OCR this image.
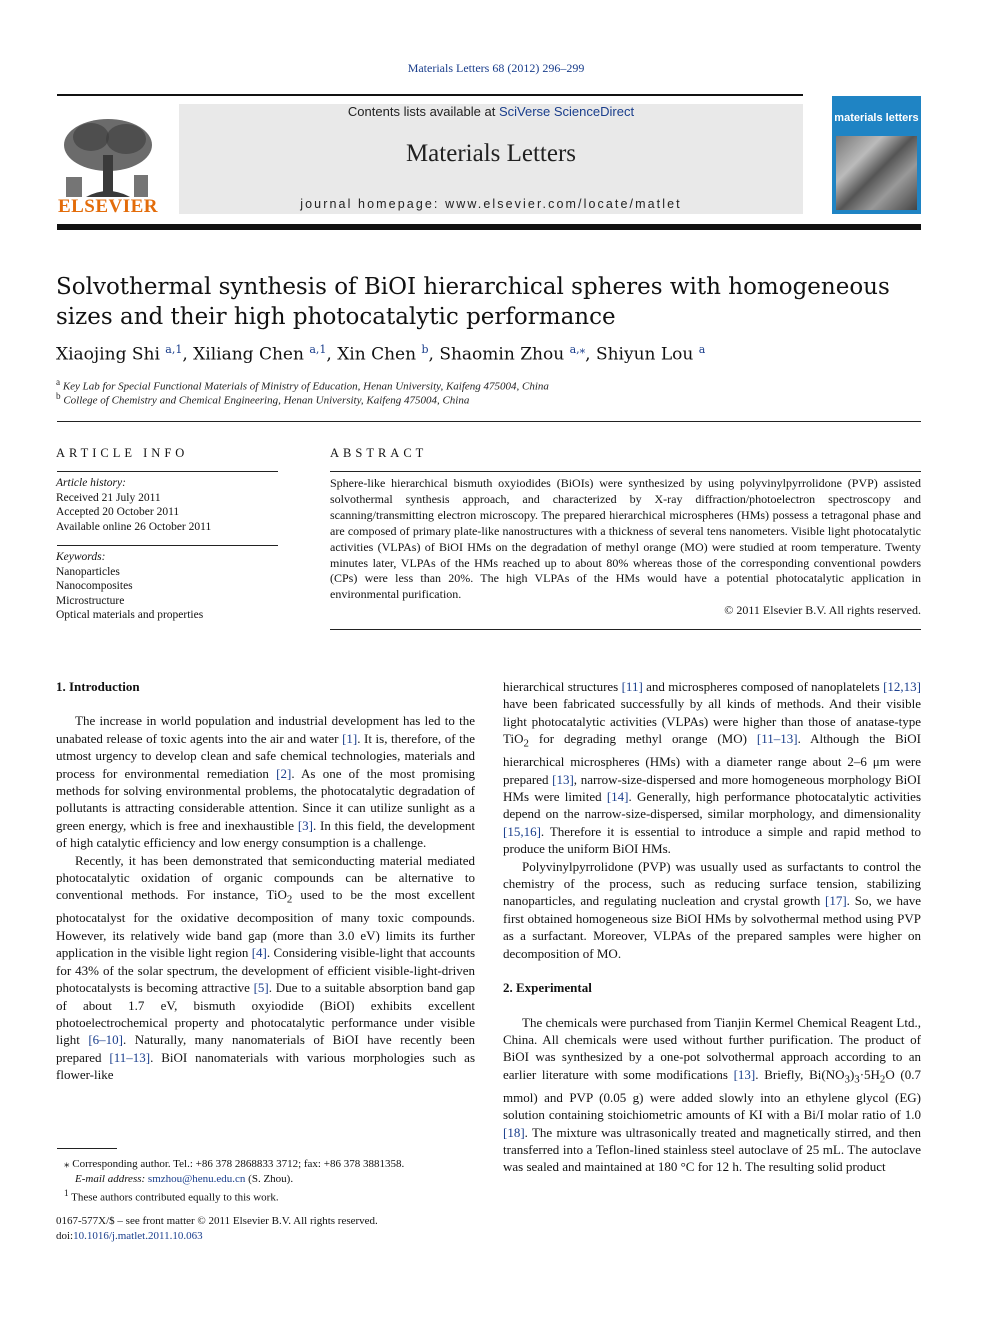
Materials Letters 68 (2012) 296–299
ELSEVIER
Contents lists available at SciVerse ScienceDirect
Materials Letters
journal homepage: www.elsevier.com/locate/matlet
materials letters
Solvothermal synthesis of BiOI hierarchical spheres with homogeneous sizes and their high photocatalytic performance
Xiaojing Shi $^{a,1}$, Xiliang Chen $^{a,1}$, Xin Chen $^b$, Shaomin Zhou $^{a,⁎}$, Shiyun Lou $^a$
$^a$ Key Lab for Special Functional Materials of Ministry of Education, Henan University, Kaifeng 475004, China
$^b$ College of Chemistry and Chemical Engineering, Henan University, Kaifeng 475004, China
ARTICLE INFO
Article history:
Received 21 July 2011
Accepted 20 October 2011
Available online 26 October 2011
Keywords:
Nanoparticles
Nanocomposites
Microstructure
Optical materials and properties
ABSTRACT
Sphere-like hierarchical bismuth oxyiodides (BiOIs) were synthesized by using polyvinylpyrrolidone (PVP) assisted solvothermal synthesis approach, and characterized by X-ray diffraction/photoelectron spectroscopy and scanning/transmitting electron microscopy. The prepared hierarchical microspheres (HMs) possess a tetragonal phase and are composed of primary plate-like nanostructures with a thickness of several tens nanometers. Visible light photocatalytic activities (VLPAs) of BiOI HMs on the degradation of methyl orange (MO) were studied at room temperature. Twenty minutes later, VLPAs of the HMs reached up to about 80% whereas those of the corresponding conventional powders (CPs) were less than 20%. The high VLPAs of the HMs would have a potential photocatalytic application in environmental purification.
© 2011 Elsevier B.V. All rights reserved.
1. Introduction

The increase in world population and industrial development has led to the unabated release of toxic agents into the air and water [1]. It is, therefore, of the utmost urgency to develop clean and safe chemical technologies, materials and process for environmental remediation [2]. As one of the most promising methods for solving environmental problems, the photocatalytic degradation of pollutants is attracting considerable attention. Since it can utilize sunlight as a green energy, which is free and inexhaustible [3]. In this field, the development of high catalytic efficiency and low energy consumption is a challenge.

Recently, it has been demonstrated that semiconducting material mediated photocatalytic oxidation of organic compounds can be alternative to conventional methods. For instance, TiO$_2$ used to be the most excellent photocatalyst for the oxidative decomposition of many toxic compounds. However, its relatively wide band gap (more than 3.0 eV) limits its further application in the visible light region [4]. Considering visible-light that accounts for 43% of the solar spectrum, the development of efficient visible-light-driven photocatalysts is becoming attractive [5]. Due to a suitable absorption band gap of about 1.7 eV, bismuth oxyiodide (BiOI) exhibits excellent photoelectrochemical property and photocatalytic performance under visible light [6–10]. Naturally, many nanomaterials of BiOI have recently been prepared [11–13]. BiOI nanomaterials with various morphologies such as flower-like

hierarchical structures [11] and microspheres composed of nanoplatelets [12,13] have been fabricated successfully by all kinds of methods. And their visible light photocatalytic activities (VLPAs) were higher than those of anatase-type TiO$_2$ for degrading methyl orange (MO) [11–13]. Although the BiOI hierarchical microspheres (HMs) with a diameter range about 2–6 μm were prepared [13], narrow-size-dispersed and more homogeneous morphology BiOI HMs were limited [14]. Generally, high performance photocatalytic activities depend on the narrow-size-dispersed, similar morphology, and dimensionality [15,16]. Therefore it is essential to introduce a simple and rapid method to produce the uniform BiOI HMs.

Polyvinylpyrrolidone (PVP) was usually used as surfactants to control the chemistry of the process, such as reducing surface tension, stabilizing nanoparticles, and regulating nucleation and crystal growth [17]. So, we have first obtained homogeneous size BiOI HMs by solvothermal method using PVP as a surfactant. Moreover, VLPAs of the prepared samples were higher on decomposition of MO.

2. Experimental

The chemicals were purchased from Tianjin Kermel Chemical Reagent Ltd., China. All chemicals were used without further purification. The product of BiOI was synthesized by a one-pot solvothermal approach according to an earlier literature with some modifications [13]. Briefly, $Bi(NO_3)_3\cdot 5H_2O$ (0.7 mmol) and PVP (0.05 g) were added slowly into an ethylene glycol (EG) solution containing stoichiometric amounts of KI with a Bi/I molar ratio of 1.0 [18]. The mixture was ultrasonically treated and magnetically stirred, and then transferred into a Teflon-lined stainless steel autoclave of 25 mL. The autoclave was sealed and maintained at 180 °C for 12 h. The resulting solid product

⁎ Corresponding author. Tel.: +86 378 2868833 3712; fax: +86 378 3881358.
E-mail address: smzhou@henu.edu.cn (S. Zhou).
$^1$ These authors contributed equally to this work.
0167-577X/$ – see front matter © 2011 Elsevier B.V. All rights reserved.
doi:10.1016/j.matlet.2011.10.063
